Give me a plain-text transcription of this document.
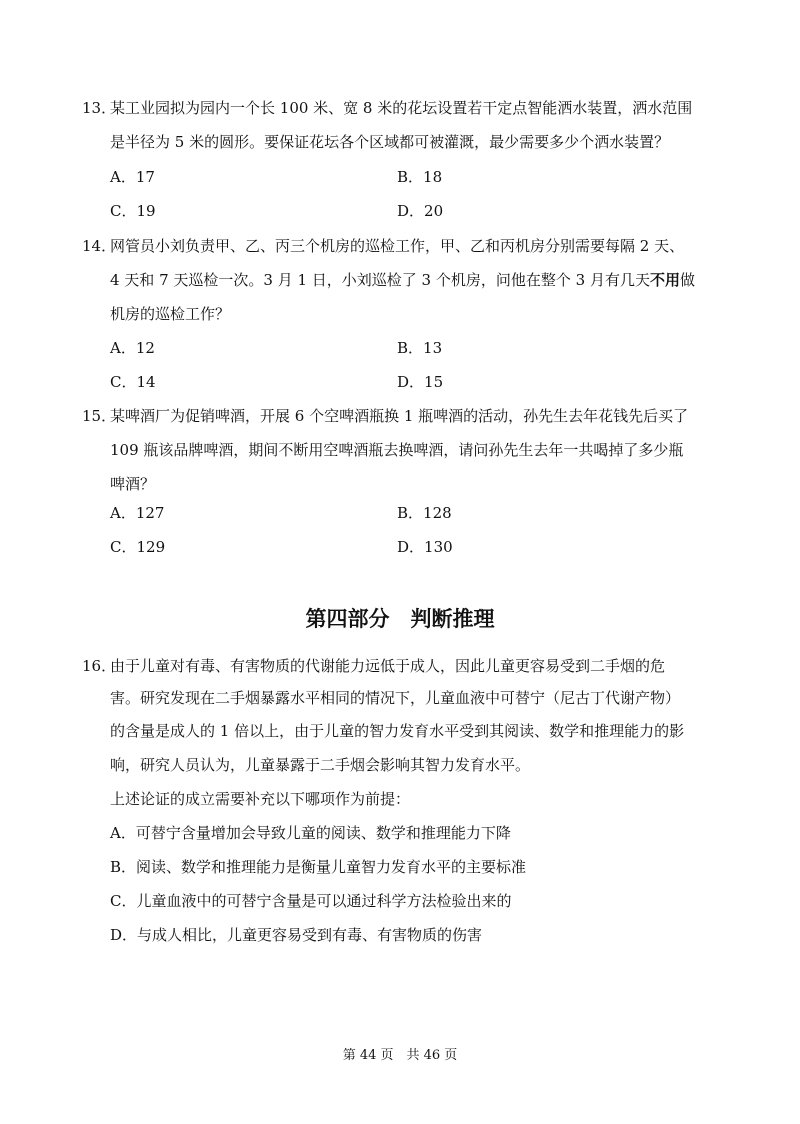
13．
某工业园拟为园内一个长 100 米、宽 8 米的花坛设置若干定点智能洒水装置，洒水范围
是半径为 5 米的圆形。要保证花坛各个区域都可被灌溉，最少需要多少个洒水装置？
A．17	B．18
C．19	D．20
14．
网管员小刘负责甲、乙、丙三个机房的巡检工作，甲、乙和丙机房分别需要每隔 2 天、
4 天和 7 天巡检一次。3 月 1 日，小刘巡检了 3 个机房，问他在整个 3 月有几天不用做
机房的巡检工作？
A．12	B．13
C．14	D．15
15．
某啤酒厂为促销啤酒，开展 6 个空啤酒瓶换 1 瓶啤酒的活动，孙先生去年花钱先后买了
109 瓶该品牌啤酒，期间不断用空啤酒瓶去换啤酒，请问孙先生去年一共喝掉了多少瓶
啤酒？
A．127	B．128
C．129	D．130
第四部分　判断推理
16．
由于儿童对有毒、有害物质的代谢能力远低于成人，因此儿童更容易受到二手烟的危
害。研究发现在二手烟暴露水平相同的情况下，儿童血液中可替宁（尼古丁代谢产物）
的含量是成人的 1 倍以上，由于儿童的智力发育水平受到其阅读、数学和推理能力的影
响，研究人员认为，儿童暴露于二手烟会影响其智力发育水平。
上述论证的成立需要补充以下哪项作为前提：
A．可替宁含量增加会导致儿童的阅读、数学和推理能力下降
B．阅读、数学和推理能力是衡量儿童智力发育水平的主要标准
C．儿童血液中的可替宁含量是可以通过科学方法检验出来的
D．与成人相比，儿童更容易受到有毒、有害物质的伤害
第 44 页　共 46 页
